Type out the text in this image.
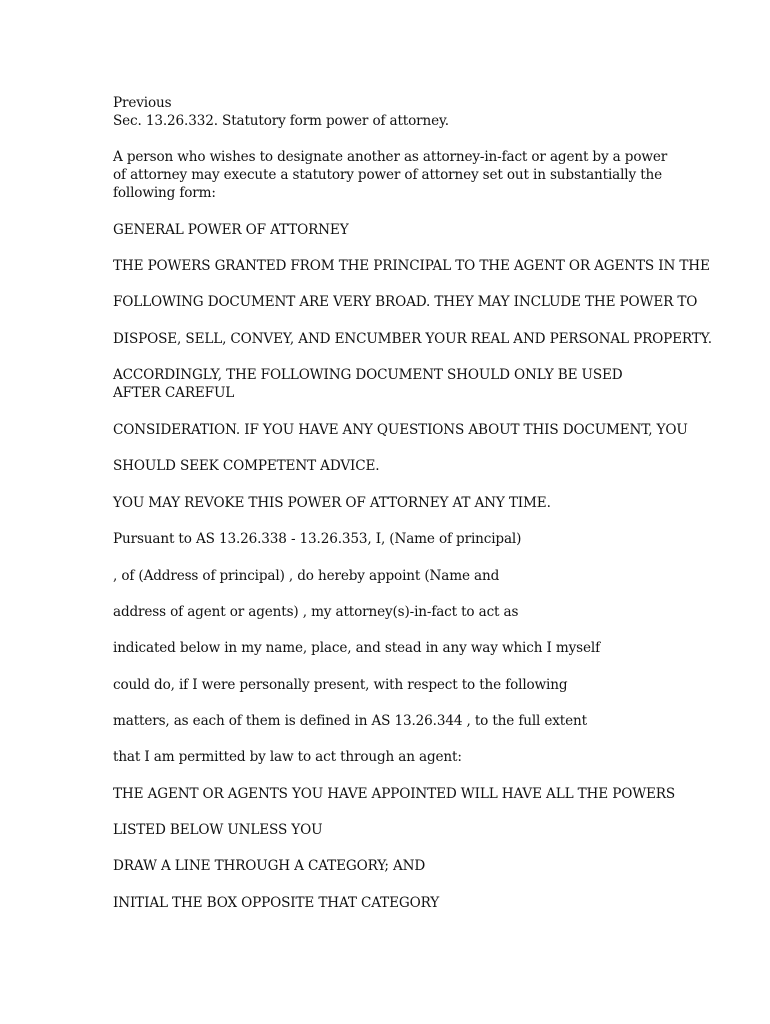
Previous
Sec. 13.26.332. Statutory form power of attorney.
A person who wishes to designate another as attorney-in-fact or agent by a power of attorney may execute a statutory power of attorney set out in substantially the following form:
GENERAL POWER OF ATTORNEY
THE POWERS GRANTED FROM THE PRINCIPAL TO THE AGENT OR AGENTS IN THE
FOLLOWING DOCUMENT ARE VERY BROAD. THEY MAY INCLUDE THE POWER TO
DISPOSE, SELL, CONVEY, AND ENCUMBER YOUR REAL AND PERSONAL PROPERTY.
ACCORDINGLY, THE FOLLOWING DOCUMENT SHOULD ONLY BE USED AFTER CAREFUL
CONSIDERATION. IF YOU HAVE ANY QUESTIONS ABOUT THIS DOCUMENT, YOU
SHOULD SEEK COMPETENT ADVICE.
YOU MAY REVOKE THIS POWER OF ATTORNEY AT ANY TIME.
Pursuant to AS 13.26.338 - 13.26.353, I, (Name of principal)
, of (Address of principal) , do hereby appoint (Name and
address of agent or agents) , my attorney(s)-in-fact to act as
indicated below in my name, place, and stead in any way which I myself
could do, if I were personally present, with respect to the following
matters, as each of them is defined in AS 13.26.344 , to the full extent
that I am permitted by law to act through an agent:
THE AGENT OR AGENTS YOU HAVE APPOINTED WILL HAVE ALL THE POWERS
LISTED BELOW UNLESS YOU
DRAW A LINE THROUGH A CATEGORY; AND
INITIAL THE BOX OPPOSITE THAT CATEGORY
